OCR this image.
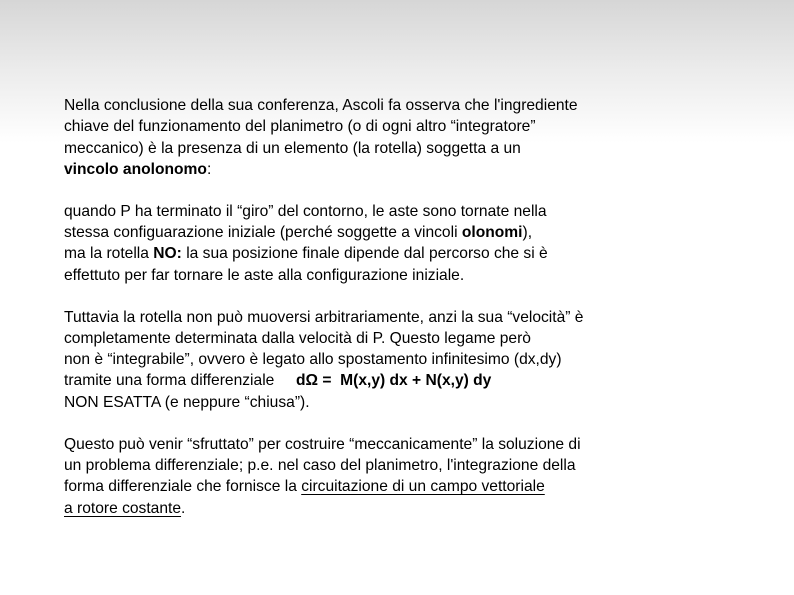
Nella conclusione della sua conferenza, Ascoli fa osserva che l'ingrediente
chiave del funzionamento del planimetro (o di ogni altro “integratore”
meccanico) è la presenza di un elemento (la rotella) soggetta a un
vincolo anolonomo:
quando P ha terminato il “giro” del contorno, le aste sono tornate nella
stessa configuarazione iniziale (perché soggette a vincoli olonomi),
ma la rotella NO: la sua posizione finale dipende dal percorso che si è
effettuto per far tornare le aste alla configurazione iniziale.
Tuttavia la rotella non può muoversi arbitrariamente, anzi la sua “velocità” è
completamente determinata dalla velocità di P. Questo legame però
non è “integrabile”, ovvero è legato allo spostamento infinitesimo (dx,dy)
tramite una forma differenziale     dΩ =  M(x,y) dx + N(x,y) dy
NON ESATTA (e neppure “chiusa”).
Questo può venir “sfruttato” per costruire “meccanicamente” la soluzione di
un problema differenziale; p.e. nel caso del planimetro, l'integrazione della
forma differenziale che fornisce la circuitazione di un campo vettoriale
a rotore costante.
